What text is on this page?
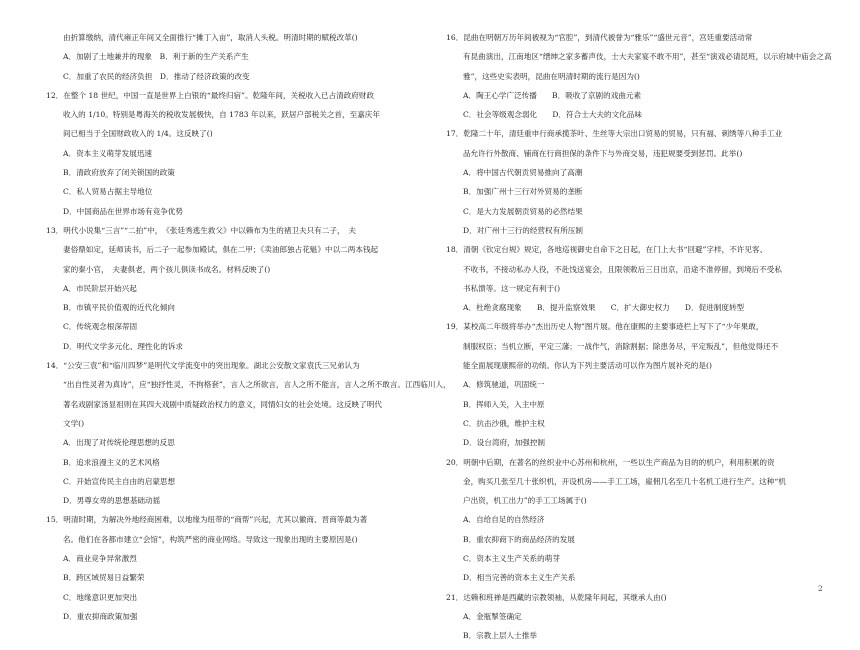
由折算缴纳，清代雍正年间又全面推行“摊丁入亩”，取消人头税。明清时期的赋税改革()
A．加剧了土地兼并的现象　B．利于新的生产关系产生
C．加重了农民的经济负担　D．推动了经济政策的改变
12．在整个 18 世纪，中国一直是世界上白银的“最终归宿”。乾隆年间，关税收入已占清政府财政
收入的 1/10。特别是粤海关的税收发展极快，自 1783 年以来，跃居户部税关之首，至嘉庆年
间已相当于全国财政收入的 1/4。这反映了()
A．资本主义萌芽发展迅速
B．清政府放弃了闭关锁国的政策
C．私人贸易占据主导地位
D．中国商品在世界市场有竞争优势
13．明代小说集“三言”“二拍”中，　《张廷秀逃生救父》中以赖布为生的褚卫夫只有二子，　夫
妻俗鼎如定，延师读书，后二子一起参加殿试，俱在二甲；《卖油郎独占花魁》中以二两本钱起
家的秦小官，　夫妻俱老，两个孩儿俱读书成名。材料反映了()
A．市民阶层开始兴起
B．市镇平民价值观的近代化倾向
C．传统观念根深蒂固
D．明代文学多元化、理性化的诉求
14．“公安三袁”和“临川四梦”是明代文学流变中的突出现象。湖北公安散文家袁氏三兄弟认为
“出自性灵者为真诗”，应“独抒性灵，不拘格套”，言人之所欲言，言人之所不能言，言人之所不敢言。江西临川人，
著名戏剧家汤显祖则在其四大戏剧中质疑政治权力的意义，同情妇女的社会处境。这反映了明代
文学()
A．出现了对传统伦理思想的反思
B．追求浪漫主义的艺术风格
C．开始宣传民主自由的启蒙思想
D．男尊女卑的思想基础动摇
15．明清时期，为解决外地经商困难，以地缘为纽带的“商帮”兴起，尤其以徽商、晋商等最为著
名。他们在各都市建立“会馆”，构筑严密的商业网络。导致这一现象出现的主要原因是()
A．商业竞争异常激烈
B．跨区域贸易日益繁荣
C．地缘意识更加突出
D．重农抑商政策加强
16．昆曲在明朝万历年间被视为“官腔”，到清代被誉为“雅乐”“盛世元音”，宫廷重要活动常
有昆曲演出，江南地区“缙绅之家多蓄声伎，士大夫家宴不敢不用”，甚至“演戏必请昆班，以示府城中庙会之高
雅”，这些史实表明，昆曲在明清时期的流行是因为()
A．陶王心学广泛传播　　B．吸收了京剧的戏曲元素
C．社会等级观念弱化　　D．符合士大夫的文化品味
17．乾隆二十年，清廷重申行商承揽茶叶、生丝等大宗出口贸易的贸易，只有福、刺绣等八种手工业
品允许行外散商、铺商在行商担保的条件下与外商交易，违犯规要受到惩罚。此举()
A．将中国古代朝贡贸易推向了高潮
B．加强广州十三行对外贸易的垄断
C．是大力发展朝贡贸易的必然结果
D．对广州十三行的经营权有所压制
18．清朝《钦定台规》规定，各地巡视御史自命下之日起，在门上大书“回避”字样，不许见客、
不收书，不接动私办人役，不赴饯送宴会，且限领敕后三日出京，沿途不准停留，到境后不受私
书私馈等。这一规定有利于()
A．杜绝贪腐现象　　B．提升监察效果　　C．扩大御史权力　　D．促进制度转型
19．某校高二年级将举办“杰出历史人物”图片展。他在康熙的主要事迹栏上写下了“少年果敢，
制服权臣；当机立断，平定三藩；一战作气，消除割据；除患务尽，平定叛乱”，但他觉得还不
能全面展现康熙帝的功绩。你认为下列主要活动可以作为图片展补充的是()
A．修筑驰道，巩固统一
B．挥师入关，入主中原
C．抗击沙俄，维护主权
D．设台湾府，加强控制
20．明朝中后期，在著名的丝织业中心苏州和杭州，一些以生产商品为目的的机户，利用积累的资
金，购买几张至几十张织机，开设机房——手工工场，雇佣几名至几十名机工进行生产。这种“机
户出资，机工出力”的手工工场属于()
A．自给自足的自然经济
B．重农抑商下的商品经济的发展
C．资本主义生产关系的萌芽
D．相当完善的资本主义生产关系
21．达赖和班禅是西藏的宗教领袖，从乾隆年间起，其继承人由()
A．金瓶掣签确定
B．宗教上层人士推举
2
